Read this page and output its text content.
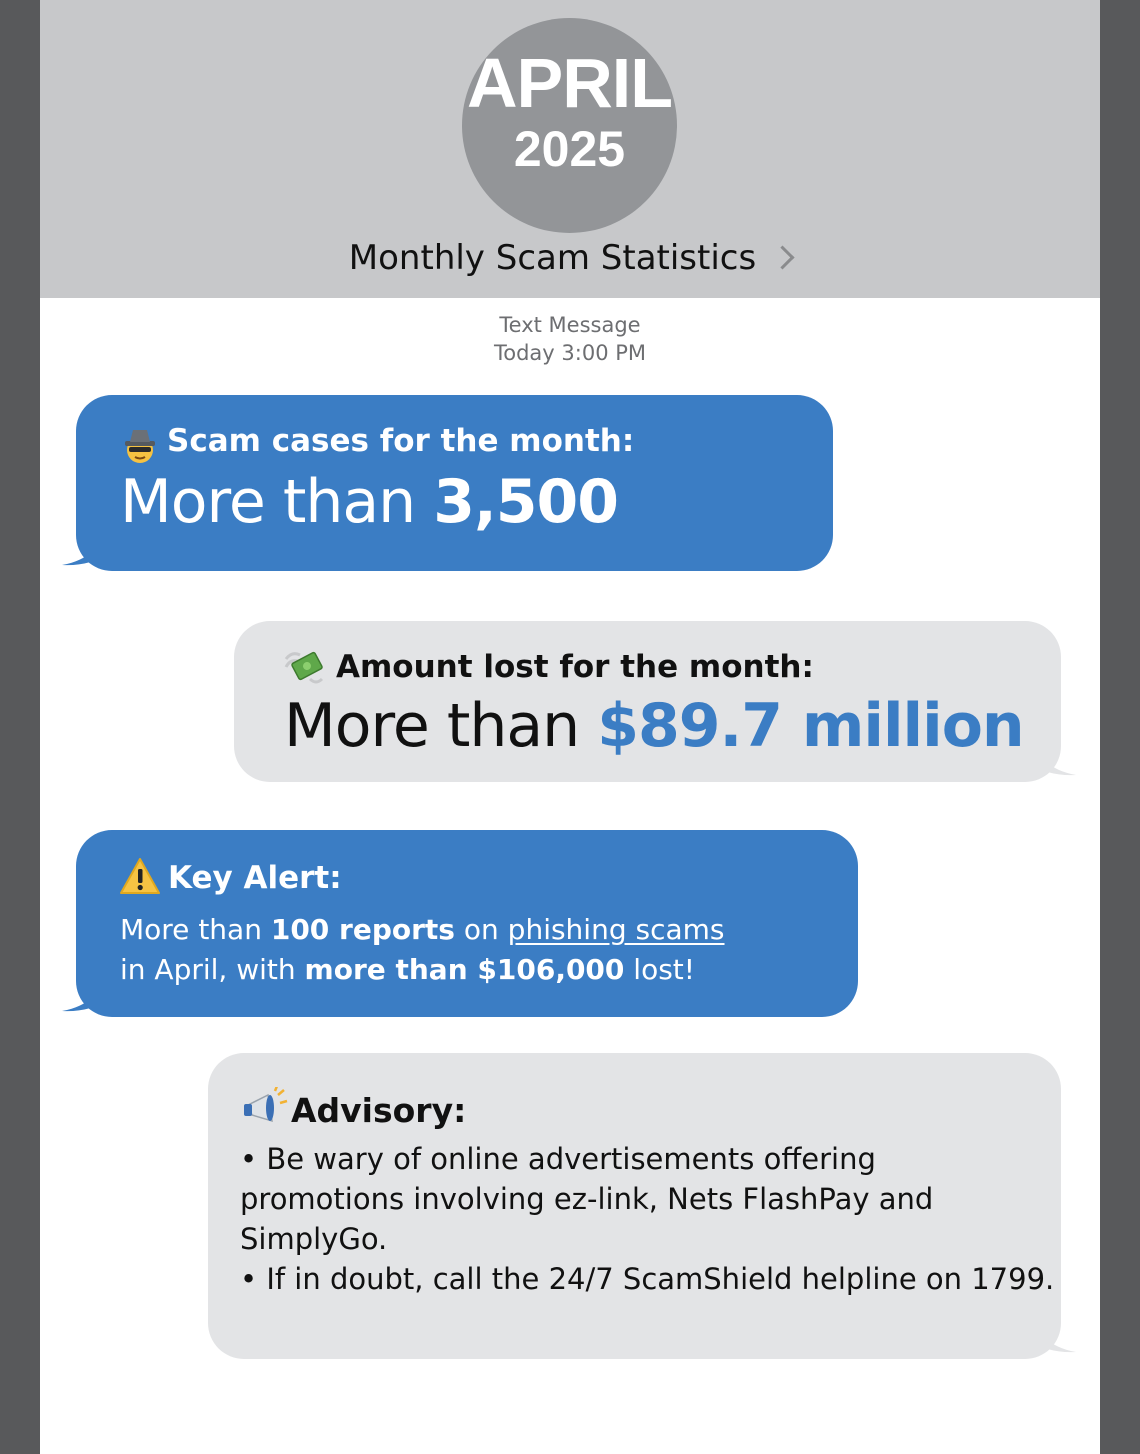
APRIL
2025
Monthly Scam Statistics
Text Message
Today 3:00 PM
Scam cases for the month:
More than 3,500
Amount lost for the month:
More than $89.7 million
Key Alert:
More than 100 reports on phishing scams
in April, with more than $106,000 lost!
Advisory:
• Be wary of online advertisements offering
promotions involving ez-link, Nets FlashPay and
SimplyGo.
• If in doubt, call the 24/7 ScamShield helpline on 1799.
